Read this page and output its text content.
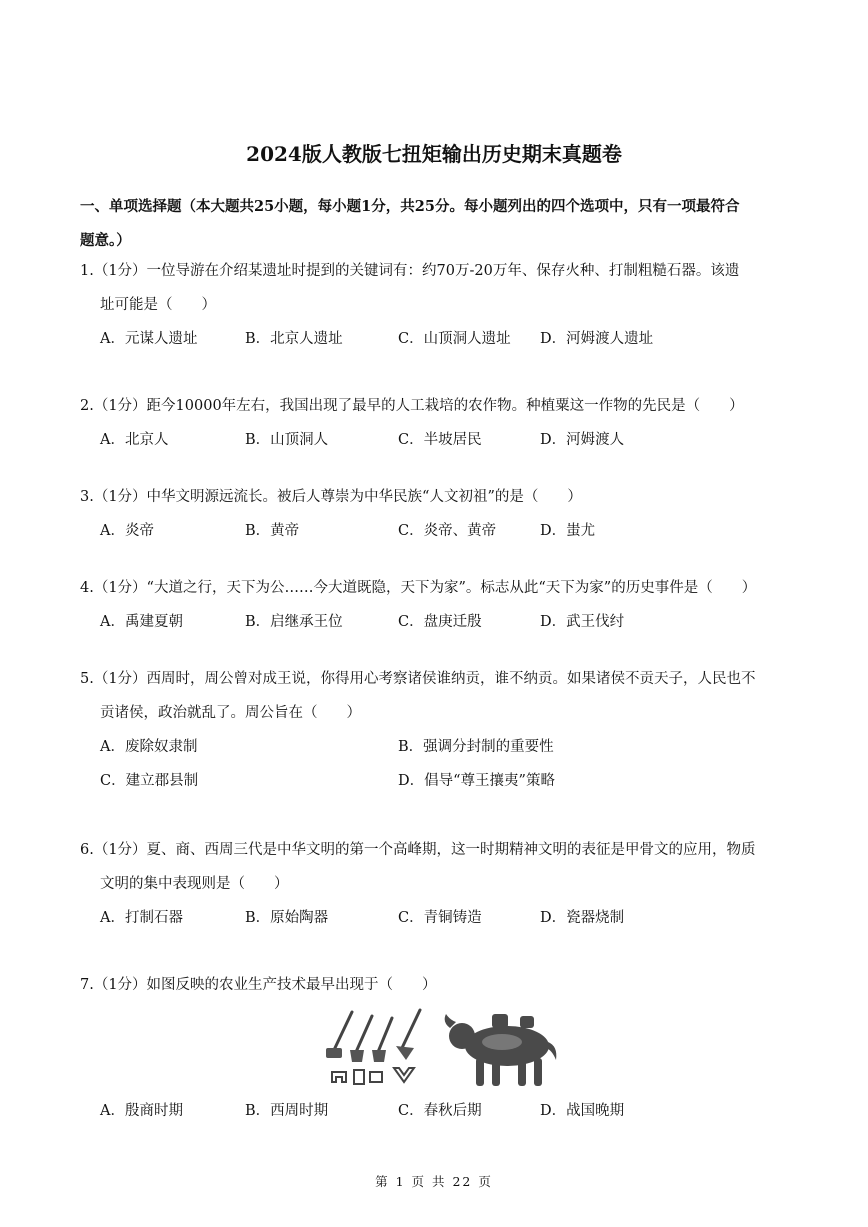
2024版人教版七扭矩输出历史期末真题卷
一、单项选择题（本大题共25小题，每小题1分，共25分。每小题列出的四个选项中，只有一项最符合
题意。）
1.（1分）一位导游在介绍某遗址时提到的关键词有：约70万-20万年、保存火种、打制粗糙石器。该遗
址可能是（　　）
A．元谋人遗址	B．北京人遗址	C．山顶洞人遗址 D．河姆渡人遗址
2.（1分）距今10000年左右，我国出现了最早的人工栽培的农作物。种植粟这一作物的先民是（　　）
A．北京人	B．山顶洞人	C．半坡居民	D．河姆渡人
3.（1分）中华文明源远流长。被后人尊崇为中华民族“人文初祖”的是（　　）
A．炎帝	B．黄帝	C．炎帝、黄帝	D．蚩尤
4.（1分）“大道之行，天下为公……今大道既隐，天下为家”。标志从此“天下为家”的历史事件是（　　）
A．禹建夏朝	B．启继承王位	C．盘庚迁殷	D．武王伐纣
5.（1分）西周时，周公曾对成王说，你得用心考察诸侯谁纳贡，谁不纳贡。如果诸侯不贡天子，人民也不
贡诸侯，政治就乱了。周公旨在（　　）
A．废除奴隶制	B．强调分封制的重要性
C．建立郡县制	D．倡导“尊王攘夷”策略
6.（1分）夏、商、西周三代是中华文明的第一个高峰期，这一时期精神文明的表征是甲骨文的应用，物质
文明的集中表现则是（　　）
A．打制石器	B．原始陶器	C．青铜铸造	D．瓷器烧制
7.（1分）如图反映的农业生产技术最早出现于（　　）
A．殷商时期	B．西周时期	C．春秋后期	D．战国晚期
第 1 页 共 22 页
